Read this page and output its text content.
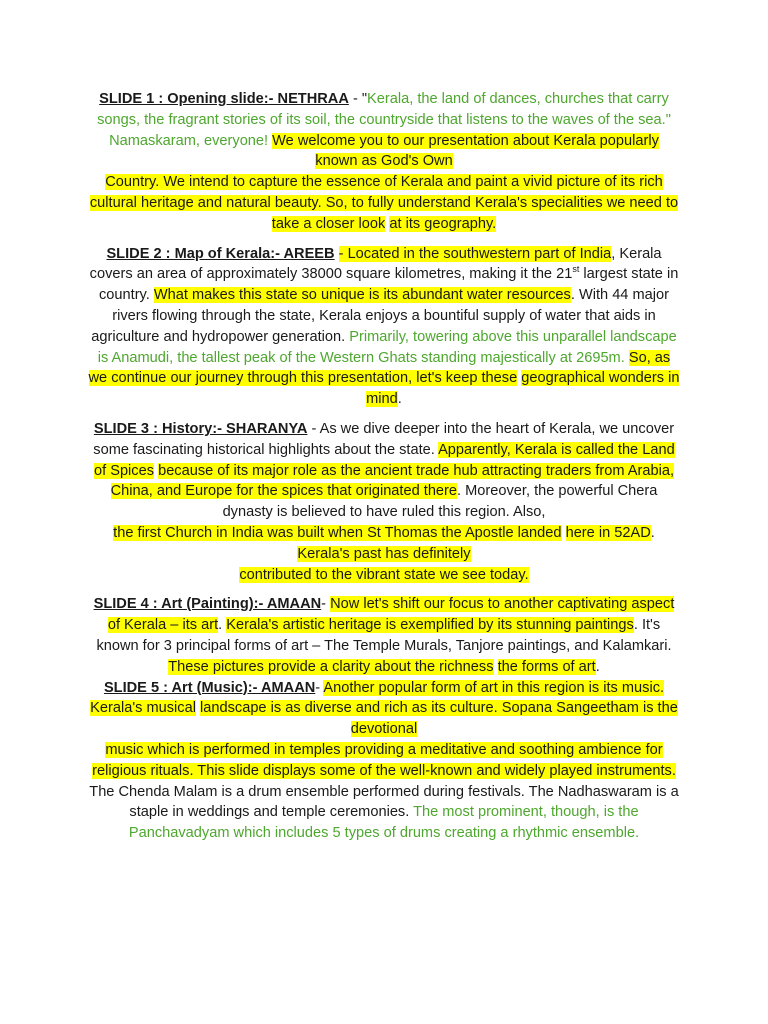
SLIDE 1 : Opening slide:- NETHRAA - "Kerala, the land of dances, churches that carry songs, the fragrant stories of its soil, the countryside that listens to the waves of the sea." Namaskaram, everyone! We welcome you to our presentation about Kerala popularly known as God's Own

Country. We intend to capture the essence of Kerala and paint a vivid picture of its rich cultural heritage and natural beauty. So, to fully understand Kerala's specialities we need to take a closer look at its geography.

SLIDE 2 : Map of Kerala:- AREEB - Located in the southwestern part of India, Kerala covers an area of approximately 38000 square kilometres, making it the 21st largest state in country. What makes this state so unique is its abundant water resources. With 44 major rivers flowing through the state, Kerala enjoys a bountiful supply of water that aids in agriculture and hydropower generation. Primarily, towering above this unparallel landscape is Anamudi, the tallest peak of the Western Ghats standing majestically at 2695m. So, as we continue our journey through this presentation, let's keep these geographical wonders in mind.

SLIDE 3 : History:- SHARANYA - As we dive deeper into the heart of Kerala, we uncover some fascinating historical highlights about the state. Apparently, Kerala is called the Land of Spices because of its major role as the ancient trade hub attracting traders from Arabia,

China, and Europe for the spices that originated there. Moreover, the powerful Chera dynasty is believed to have ruled this region. Also,

the first Church in India was built when St Thomas the Apostle landed here in 52AD.

Kerala's past has definitely

contributed to the vibrant state we see today.

SLIDE 4 : Art (Painting):- AMAAN- Now let's shift our focus to another captivating aspect of Kerala – its art. Kerala's artistic heritage is exemplified by its stunning paintings. It's known for 3 principal forms of art – The Temple Murals, Tanjore paintings, and Kalamkari. These pictures provide a clarity about the richness the forms of art.

SLIDE 5 : Art (Music):- AMAAN- Another popular form of art in this region is its music. Kerala's musical landscape is as diverse and rich as its culture. Sopana Sangeetham is the devotional

music which is performed in temples providing a meditative and soothing ambience for religious rituals. This slide displays some of the well-known and widely played instruments. The Chenda Malam is a drum ensemble performed during festivals. The Nadhaswaram is a staple in weddings and temple ceremonies. The most prominent, though, is the Panchavadyam which includes 5 types of drums creating a rhythmic ensemble.
